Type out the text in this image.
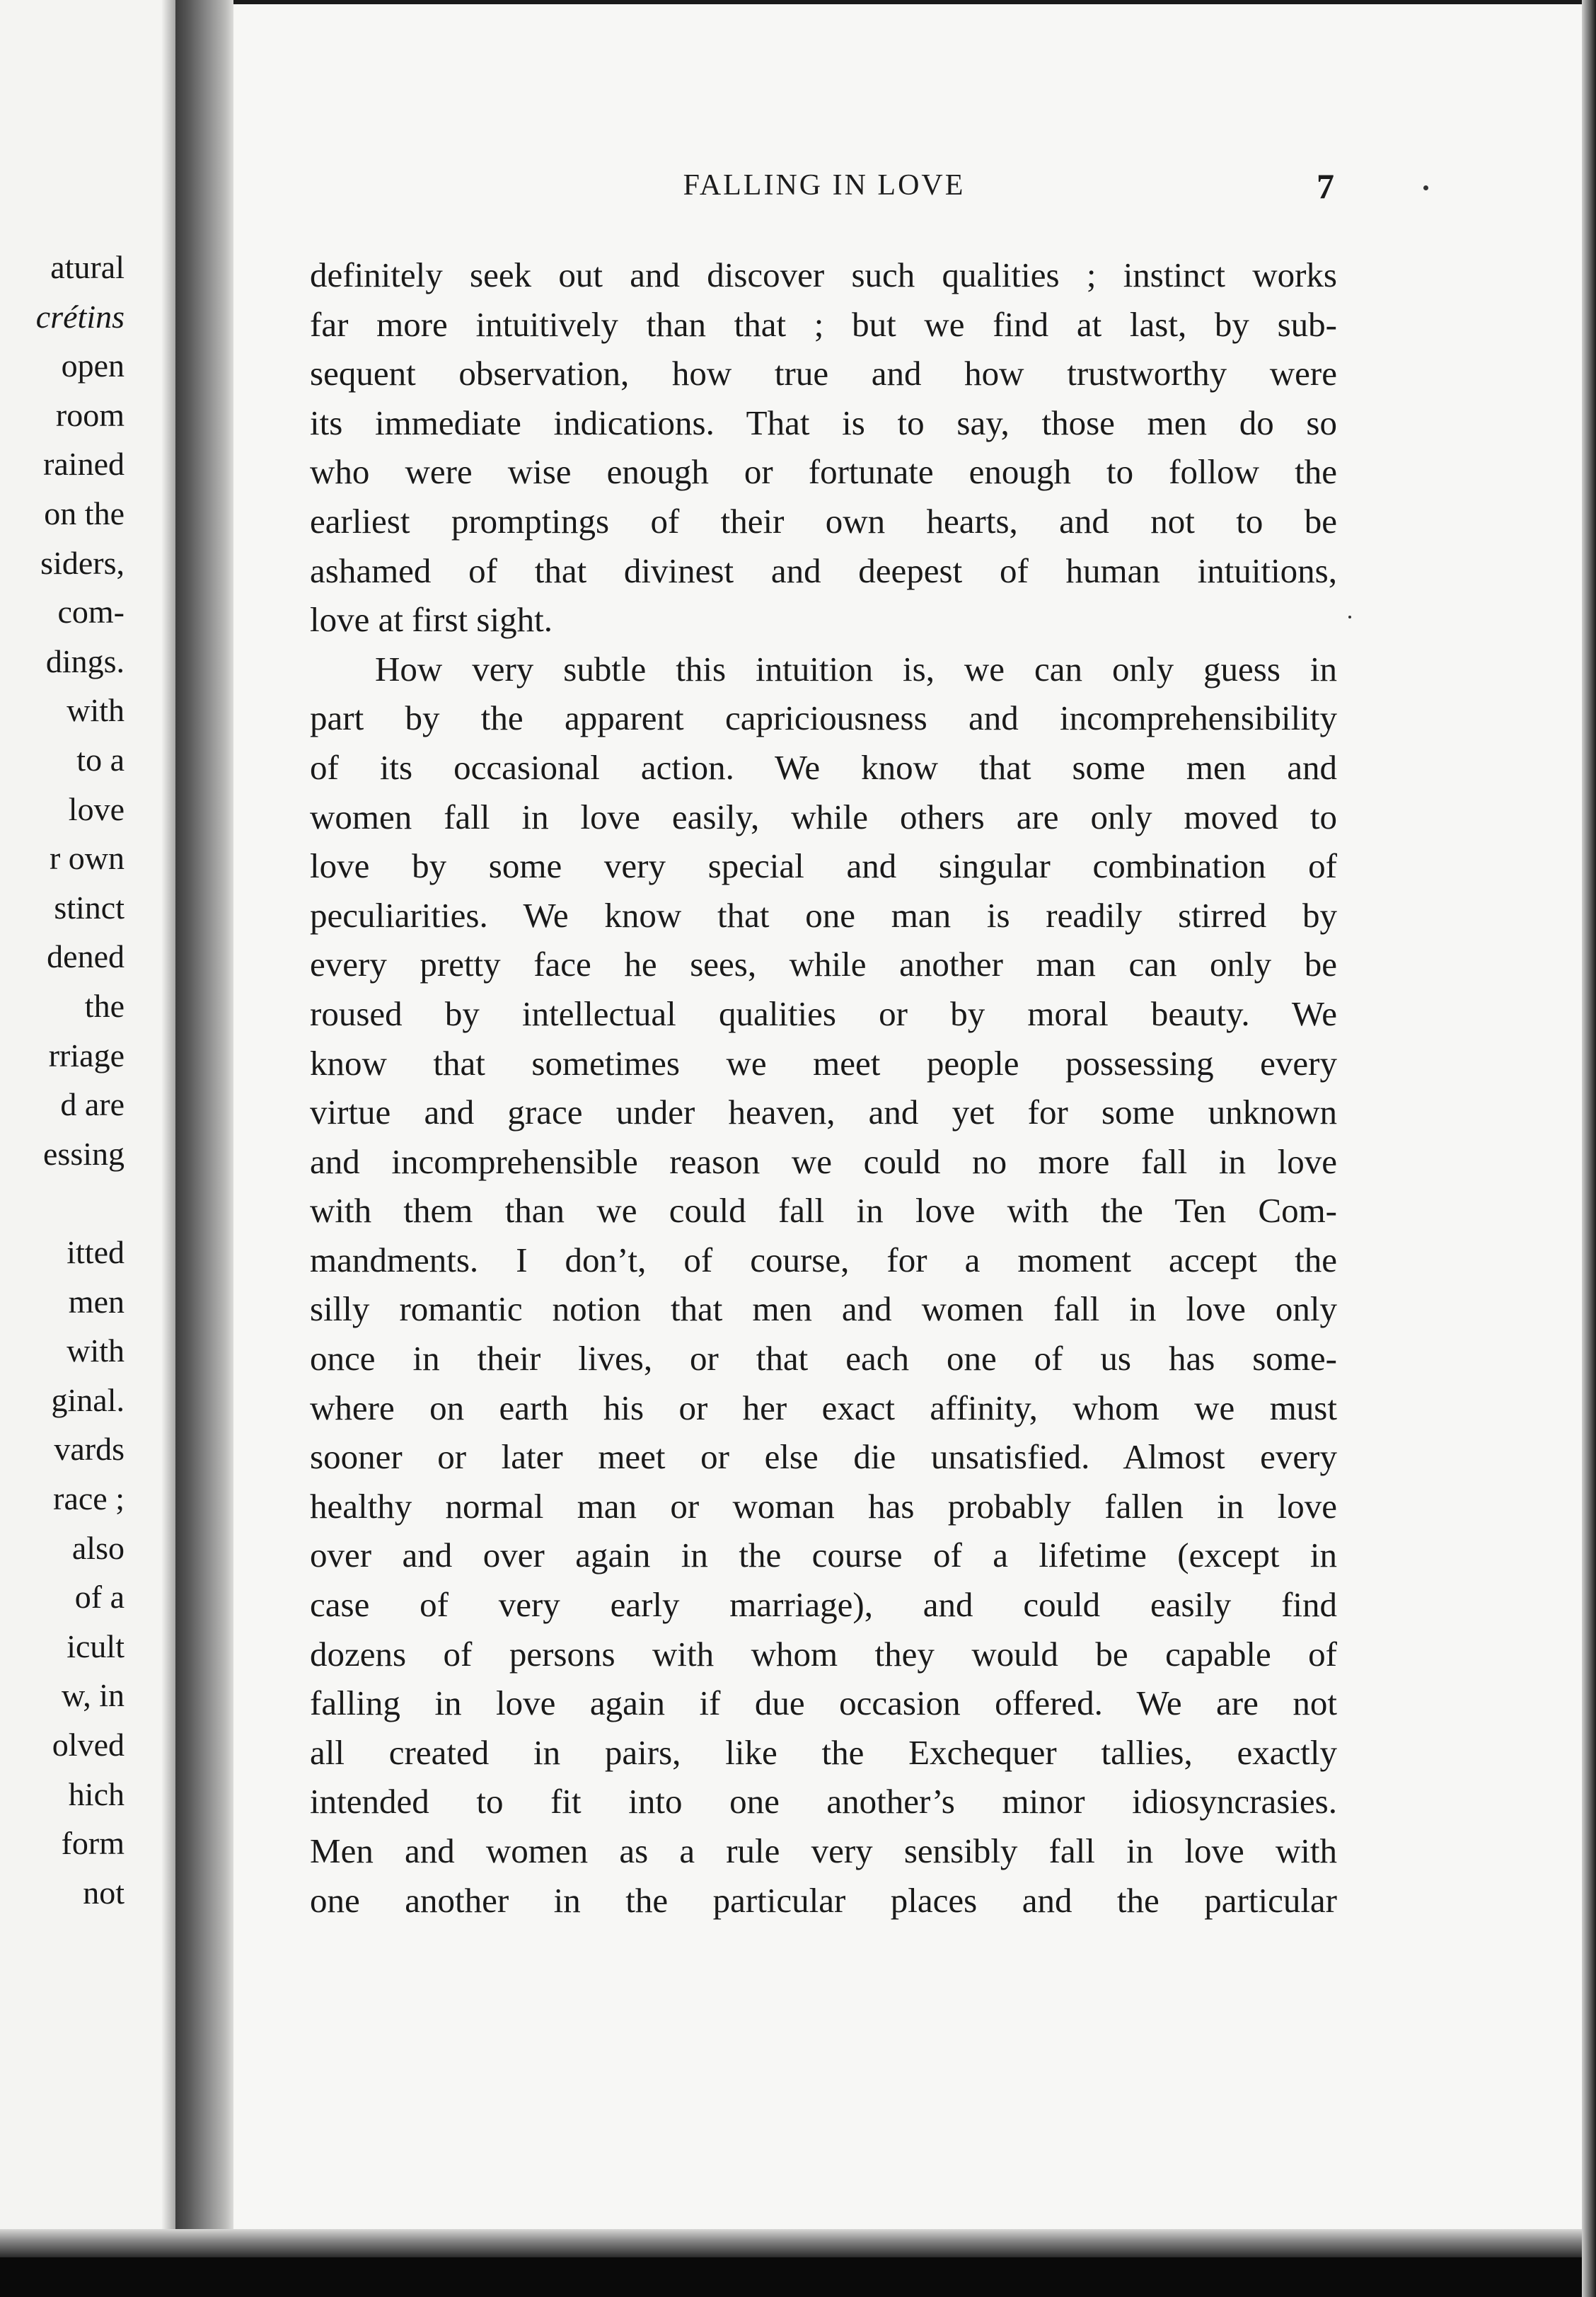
atural
crétins
open
room
rained
on the
siders,
com-
dings.
with
to a
love
r own
stinct
dened
the
rriage
d are
essing
itted
men
with
ginal.
vards
race ;
also
of a
icult
w, in
olved
hich
form
not
FALLING IN LOVE	7
definitely seek out and discover such qualities ; instinct works
far more intuitively than that ; but we find at last, by sub-
sequent observation, how true and how trustworthy were
its immediate indications. That is to say, those men do so
who were wise enough or fortunate enough to follow the
earliest promptings of their own hearts, and not to be
ashamed of that divinest and deepest of human intuitions,
love at first sight.
How very subtle this intuition is, we can only guess in
part by the apparent capriciousness and incomprehensibility
of its occasional action. We know that some men and
women fall in love easily, while others are only moved to
love by some very special and singular combination of
peculiarities. We know that one man is readily stirred by
every pretty face he sees, while another man can only be
roused by intellectual qualities or by moral beauty. We
know that sometimes we meet people possessing every
virtue and grace under heaven, and yet for some unknown
and incomprehensible reason we could no more fall in love
with them than we could fall in love with the Ten Com-
mandments. I don’t, of course, for a moment accept the
silly romantic notion that men and women fall in love only
once in their lives, or that each one of us has some-
where on earth his or her exact affinity, whom we must
sooner or later meet or else die unsatisfied. Almost every
healthy normal man or woman has probably fallen in love
over and over again in the course of a lifetime (except in
case of very early marriage), and could easily find
dozens of persons with whom they would be capable of
falling in love again if due occasion offered. We are not
all created in pairs, like the Exchequer tallies, exactly
intended to fit into one another’s minor idiosyncrasies.
Men and women as a rule very sensibly fall in love with
one another in the particular places and the particular
